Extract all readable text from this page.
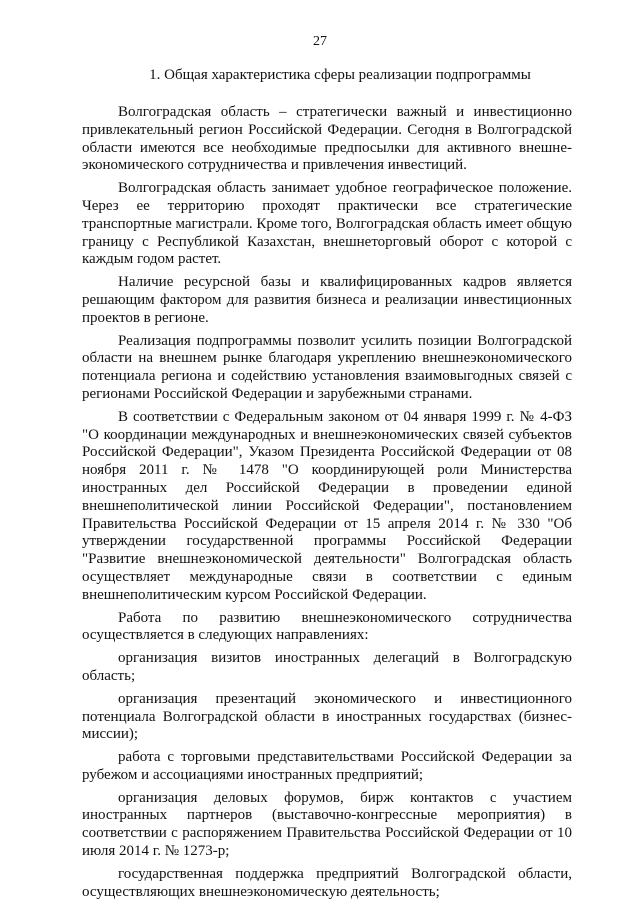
27
1. Общая характеристика сферы реализации подпрограммы

Волгоградская область – стратегически важный и инвестиционно привлекательный регион Российской Федерации. Сегодня в Волгоградской области имеются все необходимые предпосылки для активного внешне-экономического сотрудничества и привлечения инвестиций.

Волгоградская область занимает удобное географическое положение. Через ее территорию проходят практически все стратегические транспортные магистрали. Кроме того, Волгоградская область имеет общую границу с Республикой Казахстан, внешнеторговый оборот с которой с каждым годом растет.

Наличие ресурсной базы и квалифицированных кадров является решающим фактором для развития бизнеса и реализации инвестиционных проектов в регионе.

Реализация подпрограммы позволит усилить позиции Волгоградской области на внешнем рынке благодаря укреплению внешнеэкономического потенциала региона и содействию установления взаимовыгодных связей с регионами Российской Федерации и зарубежными странами.

В соответствии с Федеральным законом от 04 января 1999 г. № 4-ФЗ "О координации международных и внешнеэкономических связей субъектов Российской Федерации", Указом Президента Российской Федерации от 08 ноября 2011 г. № 1478 "О координирующей роли Министерства иностранных дел Российской Федерации в проведении единой внешнеполитической линии Российской Федерации", постановлением Правительства Российской Федерации от 15 апреля 2014 г. № 330 "Об утверждении государственной программы Российской Федерации "Развитие внешнеэкономической деятельности" Волгоградская область осуществляет международные связи в соответствии с единым внешнеполитическим курсом Российской Федерации.

Работа по развитию внешнеэкономического сотрудничества осуществляется в следующих направлениях:

организация визитов иностранных делегаций в Волгоградскую область;

организация презентаций экономического и инвестиционного потенциала Волгоградской области в иностранных государствах (бизнес-миссии);

работа с торговыми представительствами Российской Федерации за рубежом и ассоциациями иностранных предприятий;

организация деловых форумов, бирж контактов с участием иностранных партнеров (выставочно-конгрессные мероприятия) в соответствии с распоряжением Правительства Российской Федерации от 10 июля 2014 г. № 1273-р;

государственная поддержка предприятий Волгоградской области, осуществляющих внешнеэкономическую деятельность;
